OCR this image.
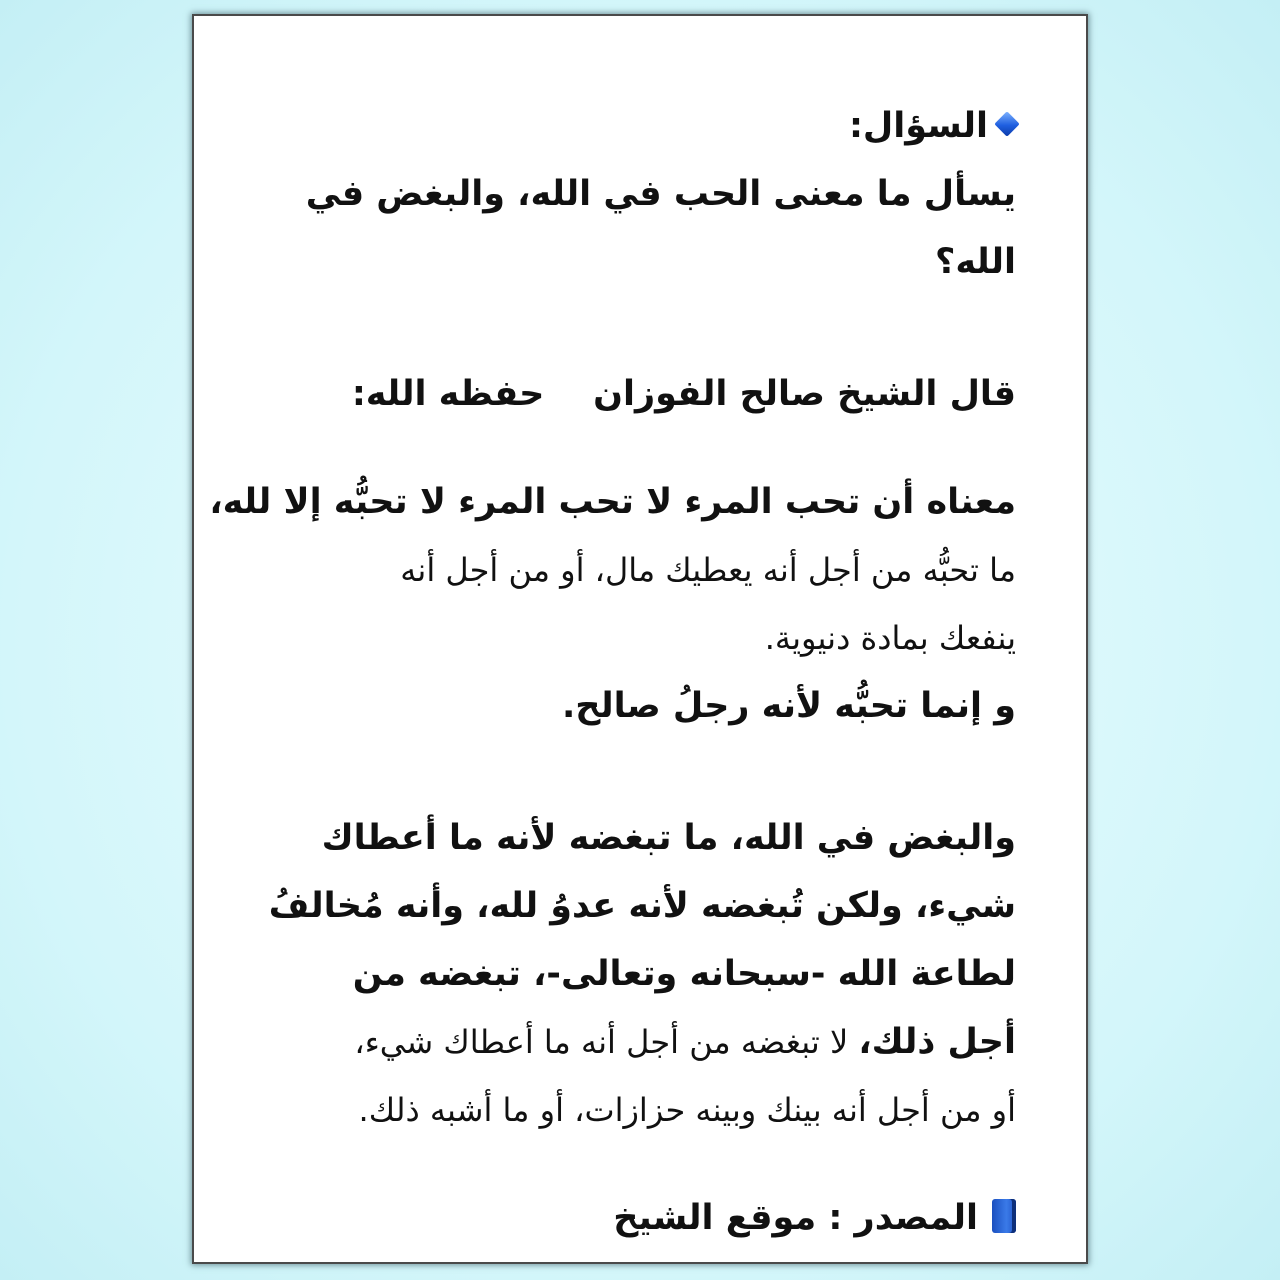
السؤال:
يسأل ما معنى الحب في الله، والبغض في
الله؟
قال الشيخ صالح الفوزان    حفظه الله:
معناه أن تحب المرء لا تحب المرء لا تحبُّه إلا لله،
ما تحبُّه من أجل أنه يعطيك مال، أو من أجل أنه
ينفعك بمادة دنيوية.
و إنما تحبُّه لأنه رجلُ صالح.
والبغض في الله، ما تبغضه لأنه ما أعطاك
شيء، ولكن تُبغضه لأنه عدوُ لله، وأنه مُخالفُ
لطاعة الله -سبحانه وتعالى-، تبغضه من
أجل ذلك، لا تبغضه من أجل أنه ما أعطاك شيء،
أو من أجل أنه بينك وبينه حزازات، أو ما أشبه ذلك.
المصدر : موقع الشيخ
